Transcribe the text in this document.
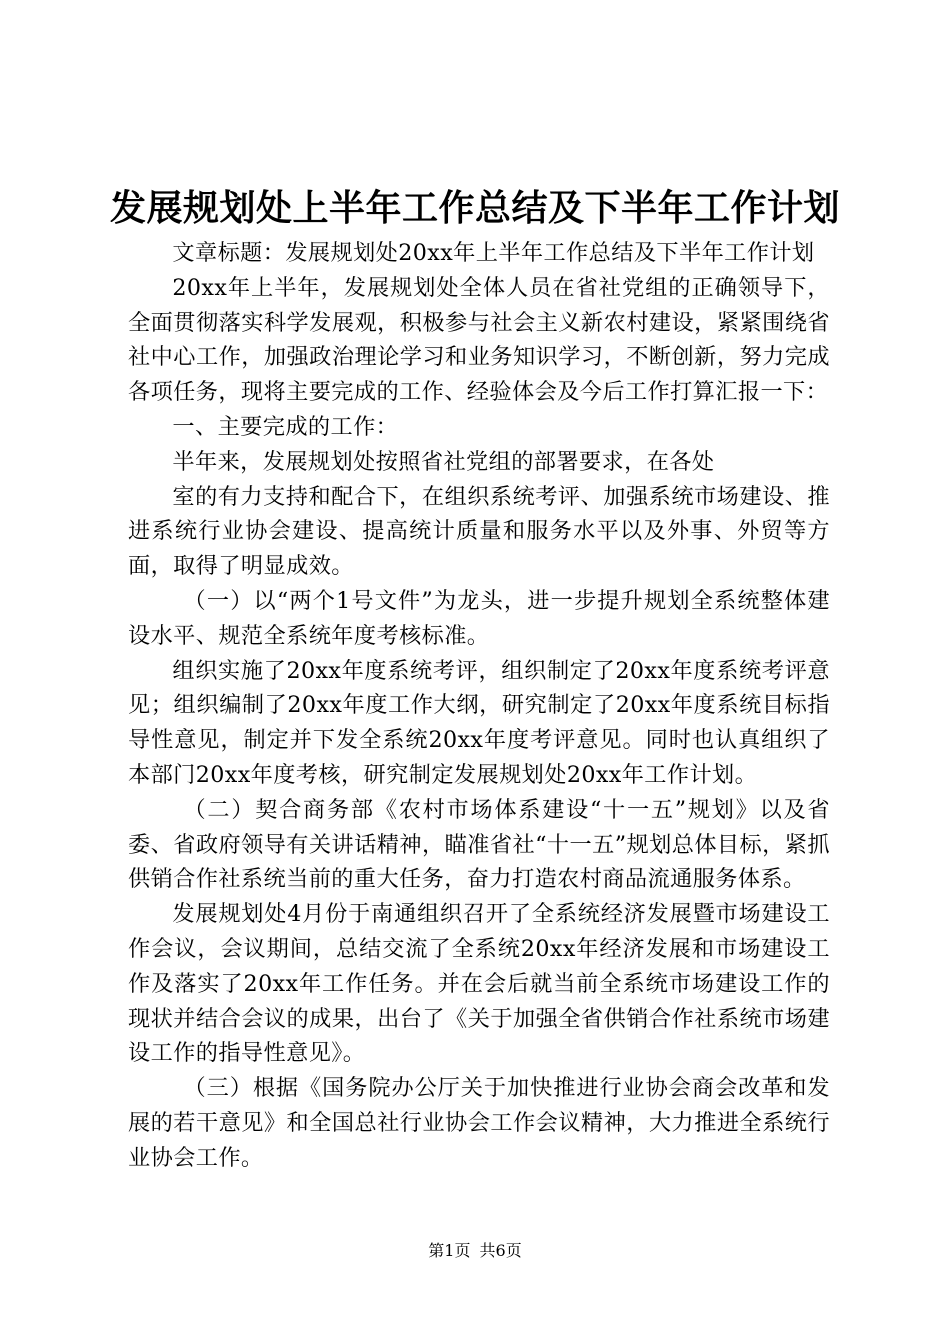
发展规划处上半年工作总结及下半年工作计划

文章标题：发展规划处20xx年上半年工作总结及下半年工作计划

20xx年上半年，发展规划处全体人员在省社党组的正确领导下，全面贯彻落实科学发展观，积极参与社会主义新农村建设，紧紧围绕省社中心工作，加强政治理论学习和业务知识学习，不断创新，努力完成各项任务，现将主要完成的工作、经验体会及今后工作打算汇报一下：

一、主要完成的工作：

半年来，发展规划处按照省社党组的部署要求，在各处

室的有力支持和配合下，在组织系统考评、加强系统市场建设、推进系统行业协会建设、提高统计质量和服务水平以及外事、外贸等方面，取得了明显成效。

（一）以“两个1号文件”为龙头，进一步提升规划全系统整体建设水平、规范全系统年度考核标准。

组织实施了20xx年度系统考评，组织制定了20xx年度系统考评意见；组织编制了20xx年度工作大纲，研究制定了20xx年度系统目标指导性意见，制定并下发全系统20xx年度考评意见。同时也认真组织了本部门20xx年度考核，研究制定发展规划处20xx年工作计划。

（二）契合商务部《农村市场体系建设“十一五”规划》以及省委、省政府领导有关讲话精神，瞄准省社“十一五”规划总体目标，紧抓供销合作社系统当前的重大任务，奋力打造农村商品流通服务体系。

发展规划处4月份于南通组织召开了全系统经济发展暨市场建设工作会议，会议期间，总结交流了全系统20xx年经济发展和市场建设工作及落实了20xx年工作任务。并在会后就当前全系统市场建设工作的现状并结合会议的成果，出台了《关于加强全省供销合作社系统市场建设工作的指导性意见》。

（三）根据《国务院办公厅关于加快推进行业协会商会改革和发展的若干意见》和全国总社行业协会工作会议精神，大力推进全系统行业协会工作。

第1页 共6页
